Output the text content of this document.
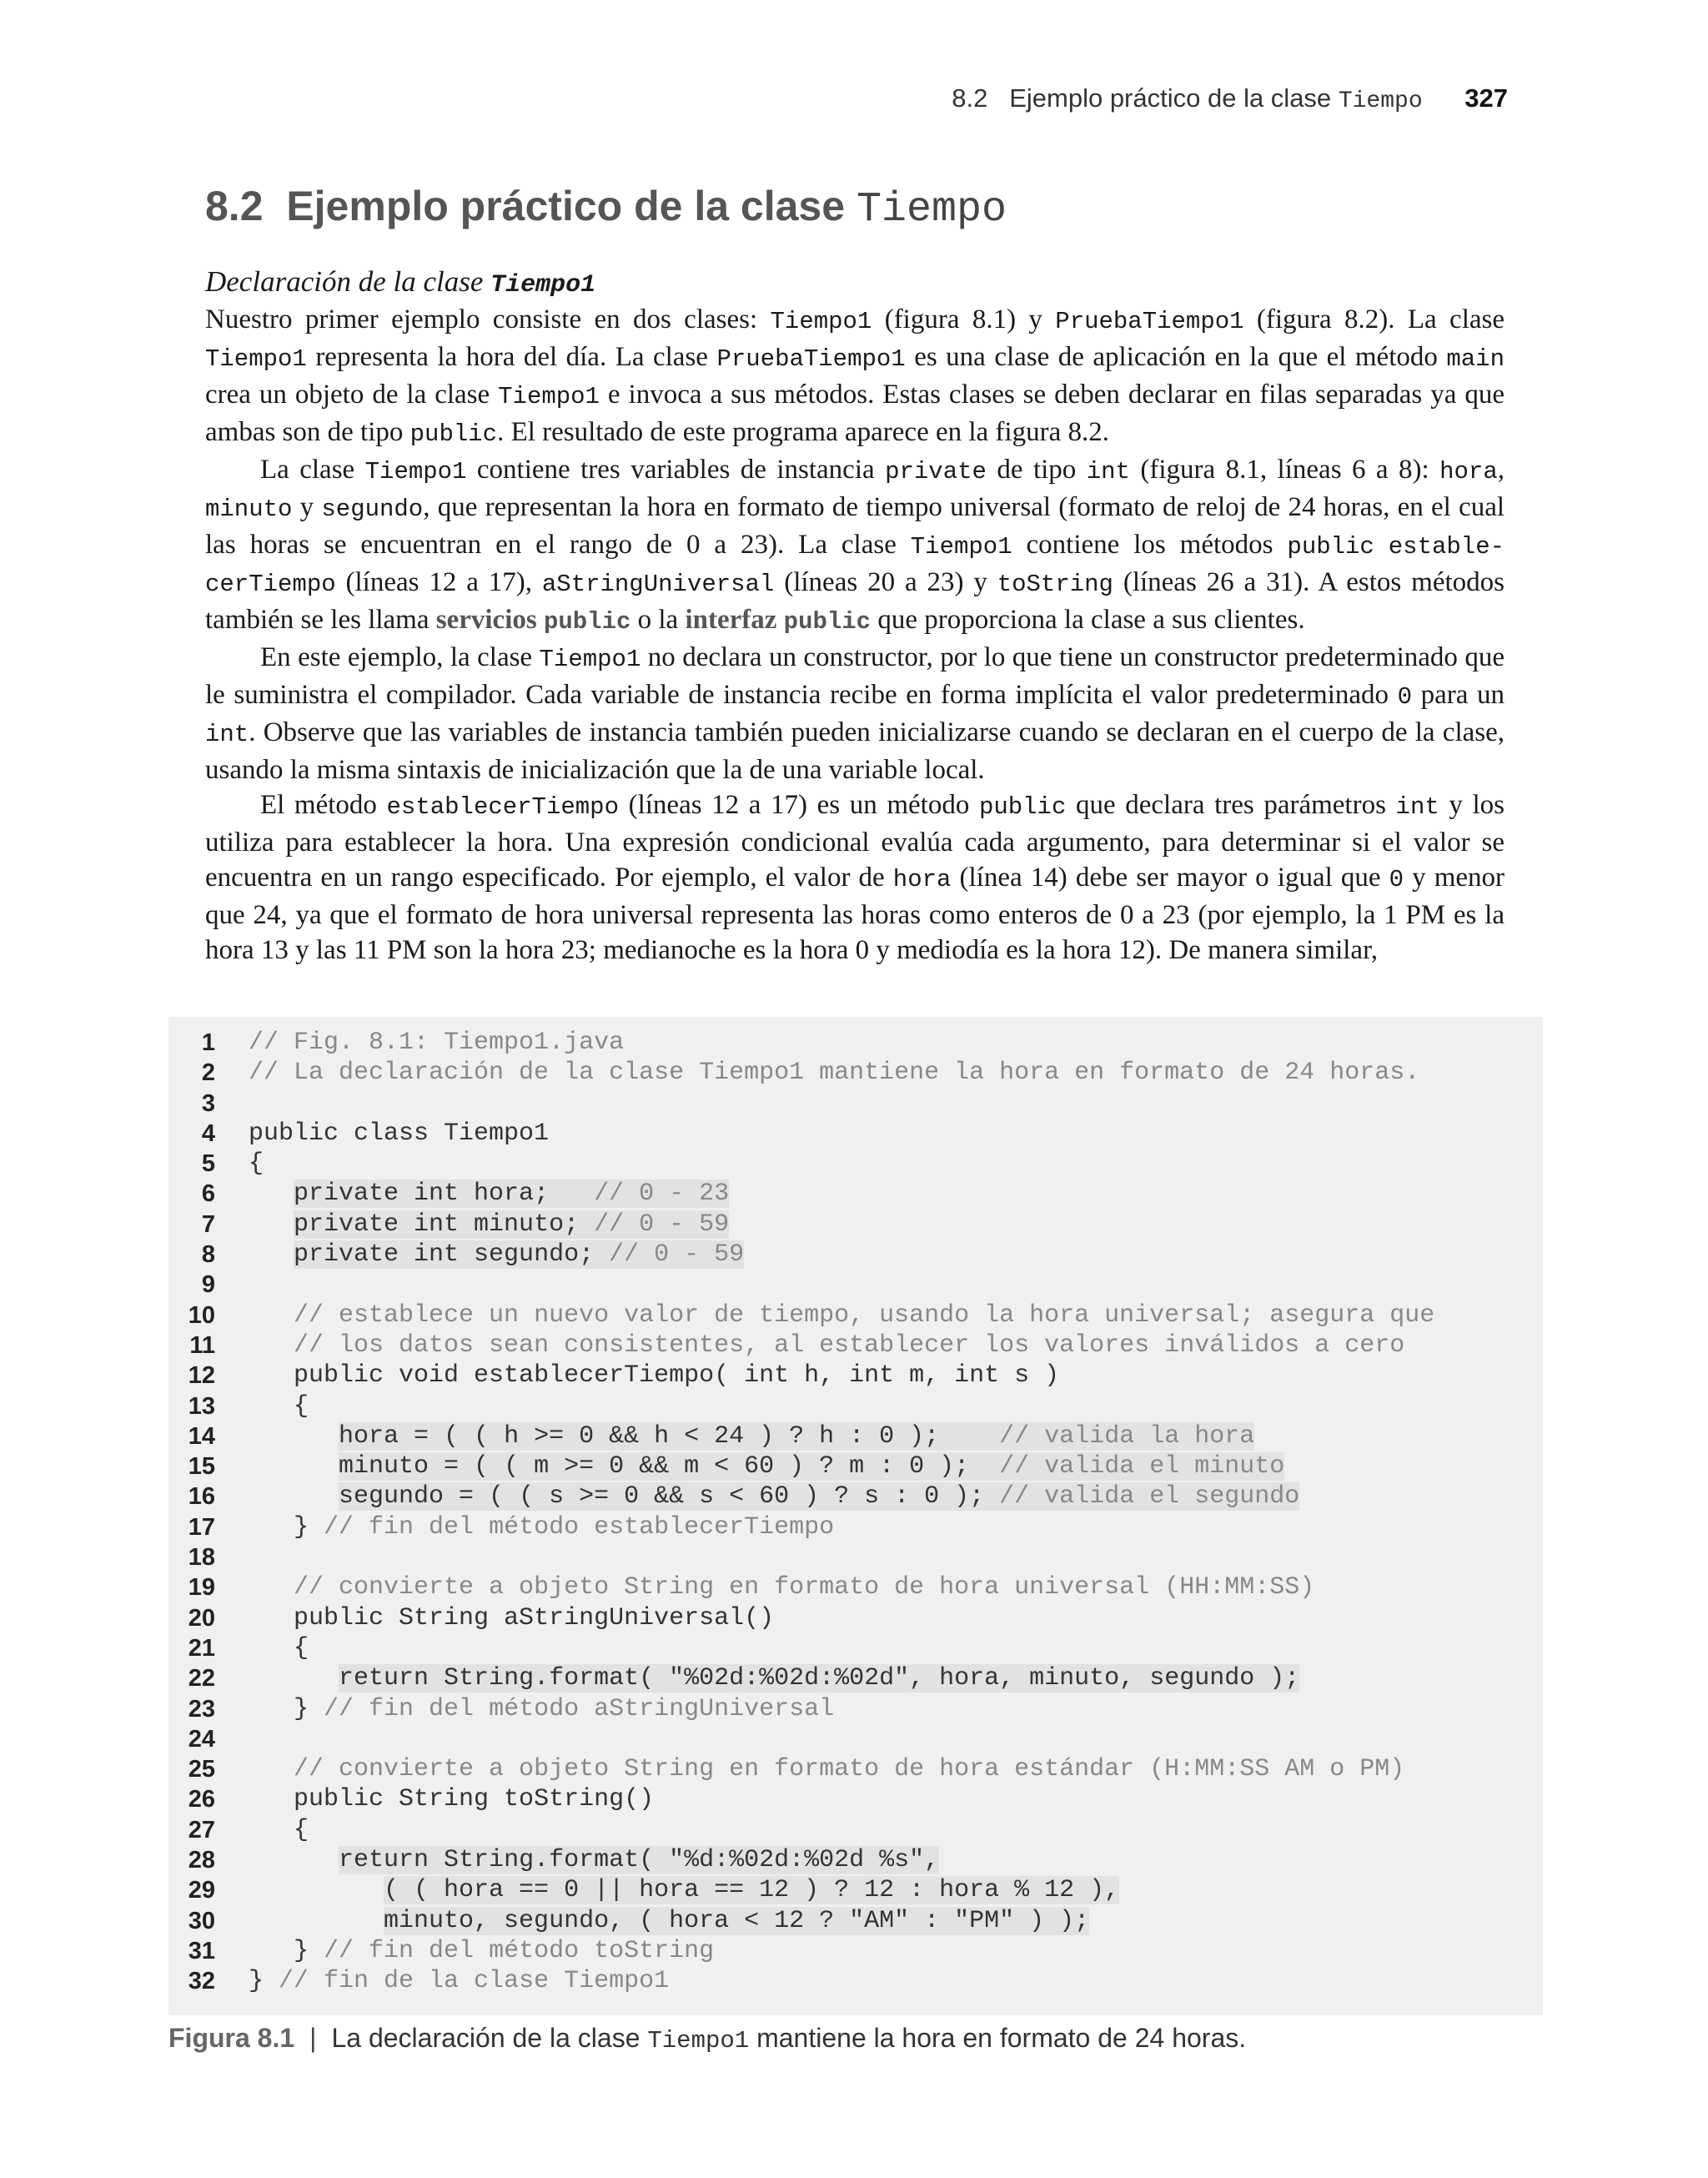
8.2 Ejemplo práctico de la clase Tiempo 327
8.2 Ejemplo práctico de la clase Tiempo
Declaración de la clase Tiempo1

Nuestro primer ejemplo consiste en dos clases: Tiempo1 (figura 8.1) y PruebaTiempo1 (figura 8.2). La clase Tiempo1 representa la hora del día. La clase PruebaTiempo1 es una clase de aplicación en la que el método main crea un objeto de la clase Tiempo1 e invoca a sus métodos. Estas clases se deben declarar en filas separadas ya que ambas son de tipo public. El resultado de este programa aparece en la figura 8.2.

La clase Tiempo1 contiene tres variables de instancia private de tipo int (figura 8.1, líneas 6 a 8): hora, minuto y segundo, que representan la hora en formato de tiempo universal (formato de reloj de 24 horas, en el cual las horas se encuentran en el rango de 0 a 23). La clase Tiempo1 contiene los métodos public estable-cerTiempo (líneas 12 a 17), aStringUniversal (líneas 20 a 23) y toString (líneas 26 a 31). A estos métodos también se les llama servicios public o la interfaz public que proporciona la clase a sus clientes.

En este ejemplo, la clase Tiempo1 no declara un constructor, por lo que tiene un constructor predeterminado que le suministra el compilador. Cada variable de instancia recibe en forma implícita el valor predeterminado 0 para un int. Observe que las variables de instancia también pueden inicializarse cuando se declaran en el cuerpo de la clase, usando la misma sintaxis de inicialización que la de una variable local.

El método establecerTiempo (líneas 12 a 17) es un método public que declara tres parámetros int y los utiliza para establecer la hora. Una expresión condicional evalúa cada argumento, para determinar si el valor se encuentra en un rango especificado. Por ejemplo, el valor de hora (línea 14) debe ser mayor o igual que 0 y menor que 24, ya que el formato de hora universal representa las horas como enteros de 0 a 23 (por ejemplo, la 1 PM es la hora 13 y las 11 PM son la hora 23; medianoche es la hora 0 y mediodía es la hora 12). De manera similar,

1 // Fig. 8.1: Tiempo1.java
2 // La declaración de la clase Tiempo1 mantiene la hora en formato de 24 horas.
3
4 public class Tiempo1
5 {
6	private int hora;   // 0 - 23
7	private int minuto; // 0 - 59
8	private int segundo; // 0 - 59
9
10	// establece un nuevo valor de tiempo, usando la hora universal; asegura que
11	// los datos sean consistentes, al establecer los valores inválidos a cero
12	public void establecerTiempo( int h, int m, int s )
13	{
14	hora = ( ( h >= 0 && h < 24 ) ? h : 0 );    // valida la hora
15	minuto = ( ( m >= 0 && m < 60 ) ? m : 0 );  // valida el minuto
16	segundo = ( ( s >= 0 && s < 60 ) ? s : 0 ); // valida el segundo
17	} // fin del método establecerTiempo
18
19	// convierte a objeto String en formato de hora universal (HH:MM:SS)
20	public String aStringUniversal()
21	{
22	return String.format( "%02d:%02d:%02d", hora, minuto, segundo );
23	} // fin del método aStringUniversal
24
25	// convierte a objeto String en formato de hora estándar (H:MM:SS AM o PM)
26	public String toString()
27	{
28	return String.format( "%d:%02d:%02d %s",
29	( ( hora == 0 || hora == 12 ) ? 12 : hora % 12 ),
30	minuto, segundo, ( hora < 12 ? "AM" : "PM" ) );
31	} // fin del método toString
32 } // fin de la clase Tiempo1
Figura 8.1 | La declaración de la clase Tiempo1 mantiene la hora en formato de 24 horas.
